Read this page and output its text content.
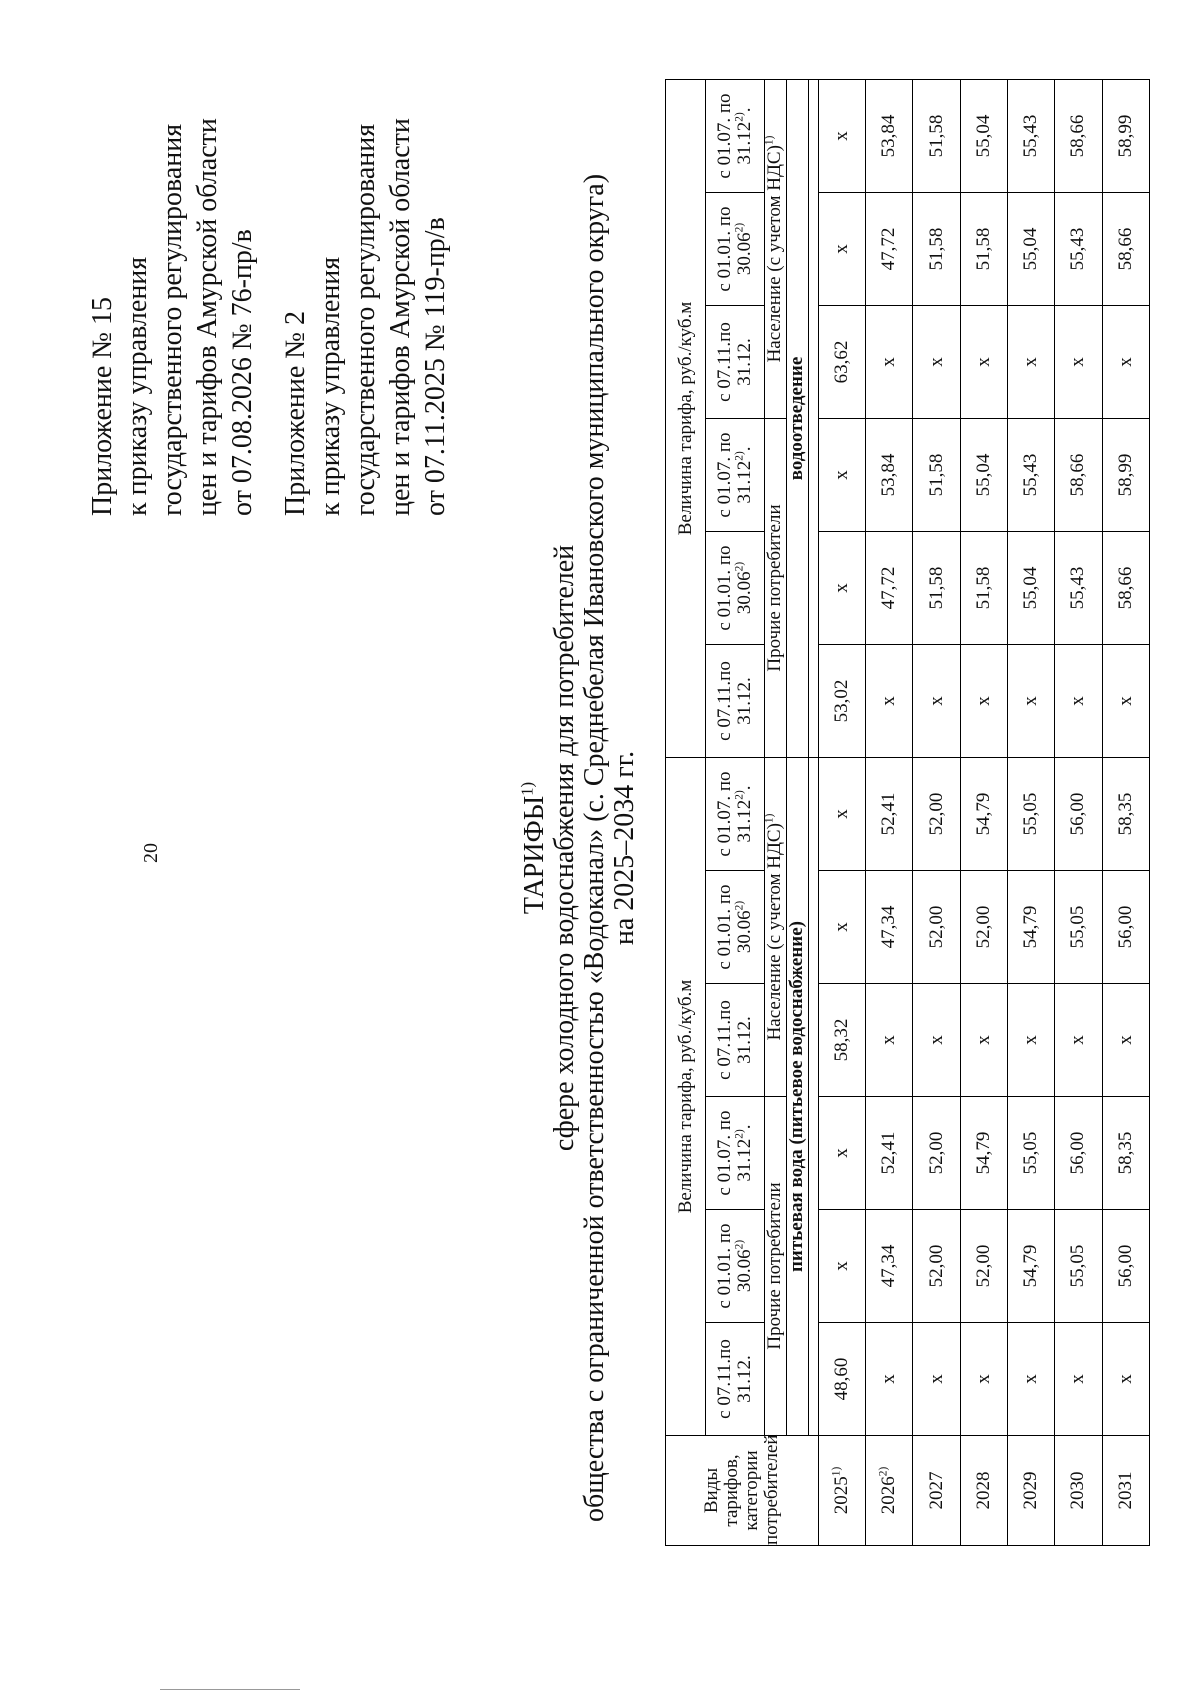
20
Приложение № 15 к приказу управления государственного регулирования цен и тарифов Амурской области от 07.08.2026 № 76-пр/в Приложение № 2 к приказу управления государственного регулирования цен и тарифов Амурской области от 07.11.2025 № 119-пр/в
ТАРИФЫ$^{1)}$ сфере холодного водоснабжения для потребителей общества с ограниченной ответственностью «Водоканал» (с. Среднебелая Ивановского муниципального округа) на 2025–2034 гг.
Виды тарифов, категории потребителей	Величина тарифа, руб./куб.м						Величина тарифа, руб./куб.м					
	с 07.11.по 31.12.	с 01.01. по 30.06$^{2)}$	с 01.07. по 31.12$^{2)}$.	с 07.11.по 31.12.	с 01.01. по 30.06$^{2)}$	с 01.07. по 31.12$^{2)}$.	с 07.11.по 31.12.	с 01.01. по 30.06$^{2)}$	с 01.07. по 31.12$^{2)}$.	с 07.11.по 31.12.	с 01.01. по 30.06$^{2)}$	с 01.07. по 31.12$^{2)}$.
	Прочие потребители			Население (с учетом НДС)$^{1)}$			Прочие потребители			Население (с учетом НДС)$^{1)}$
	питьевая вода (питьевое водоснабжение)						водоотведение					

2025$^{1)}$	48,60	x	x	58,32	x	x	53,02	x	x	63,62	x	x
2026$^{2)}$	x	47,34	52,41	x	47,34	52,41	x	47,72	53,84	x	47,72	53,84
2027	x	52,00	52,00	x	52,00	52,00	x	51,58	51,58	x	51,58	51,58
2028	x	52,00	54,79	x	52,00	54,79	x	51,58	55,04	x	51,58	55,04
2029	x	54,79	55,05	x	54,79	55,05	x	55,04	55,43	x	55,04	55,43
2030	x	55,05	56,00	x	55,05	56,00	x	55,43	58,66	x	55,43	58,66
2031	x	56,00	58,35	x	56,00	58,35	x	58,66	58,99	x	58,66	58,99
